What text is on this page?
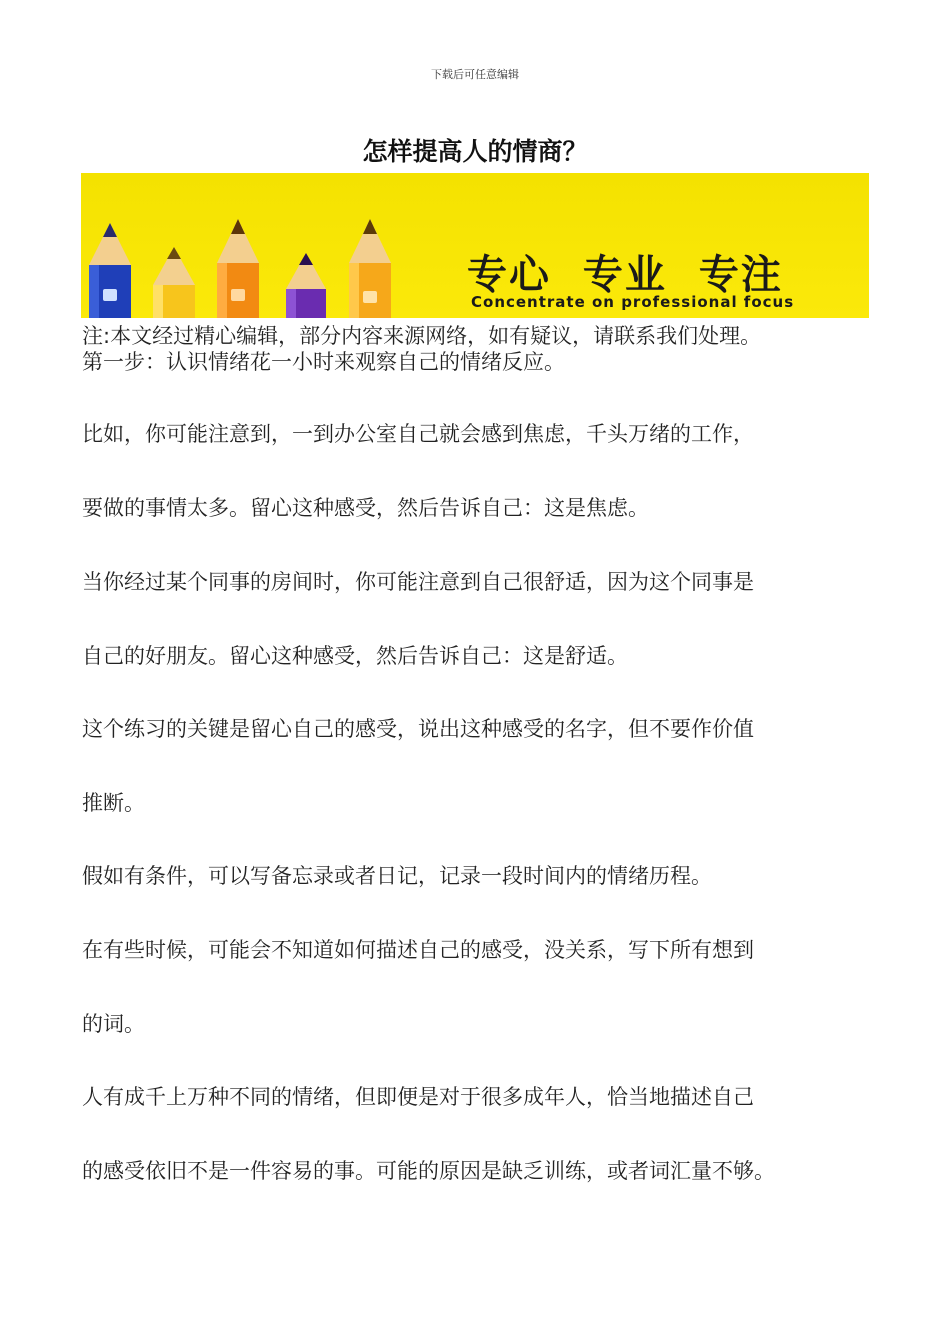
下载后可任意编辑
怎样提高人的情商？
专心 专业 专注
Concentrate on professional focus
注:本文经过精心编辑，部分内容来源网络，如有疑议，请联系我们处理。
第一步：认识情绪花一小时来观察自己的情绪反应。
比如，你可能注意到，一到办公室自己就会感到焦虑，千头万绪的工作，
要做的事情太多。留心这种感受，然后告诉自己：这是焦虑。
当你经过某个同事的房间时，你可能注意到自己很舒适，因为这个同事是
自己的好朋友。留心这种感受，然后告诉自己：这是舒适。
这个练习的关键是留心自己的感受，说出这种感受的名字，但不要作价值
推断。
假如有条件，可以写备忘录或者日记，记录一段时间内的情绪历程。
在有些时候，可能会不知道如何描述自己的感受，没关系，写下所有想到
的词。
人有成千上万种不同的情绪，但即便是对于很多成年人，恰当地描述自己
的感受依旧不是一件容易的事。可能的原因是缺乏训练，或者词汇量不够。
